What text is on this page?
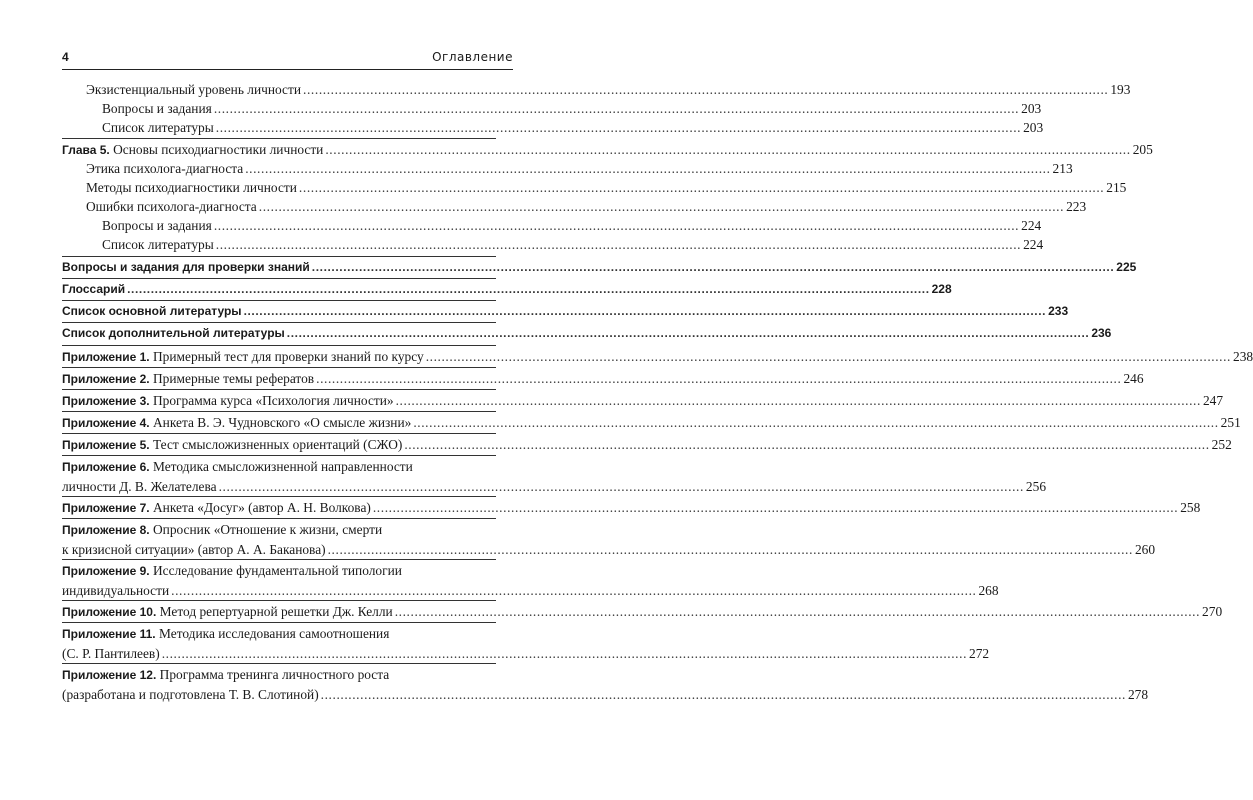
4	Оглавление
Экзистенциальный уровень личности .....	193
Вопросы и задания .....	203
Список литературы .....	203
Глава 5. Основы психодиагностики личности .....	205
Этика психолога-диагноста .....	213
Методы психодиагностики личности .....	215
Ошибки психолога-диагноста .....	223
Вопросы и задания .....	224
Список литературы .....	224
Вопросы и задания для проверки знаний .....	225
Глоссарий .....	228
Список основной литературы .....	233
Список дополнительной литературы .....	236
Приложение 1. Примерный тест для проверки знаний по курсу .....	238
Приложение 2. Примерные темы рефератов .....	246
Приложение 3. Программа курса «Психология личности» .....	247
Приложение 4. Анкета В. Э. Чудновского «О смысле жизни» .....	251
Приложение 5. Тест смысложизненных ориентаций (СЖО) .....	252
Приложение 6. Методика смысложизненной направленности
личности Д. В. Желателева .....	256
Приложение 7. Анкета «Досуг» (автор А. Н. Волкова) .....	258
Приложение 8. Опросник «Отношение к жизни, смерти
к кризисной ситуации» (автор А. А. Баканова) .....	260
Приложение 9. Исследование фундаментальной типологии
индивидуальности .....	268
Приложение 10. Метод репертуарной решетки Дж. Келли .....	270
Приложение 11. Методика исследования самоотношения
(С. Р. Пантилеев) .....	272
Приложение 12. Программа тренинга личностного роста
(разработана и подготовлена Т. В. Слотиной) .....	278
